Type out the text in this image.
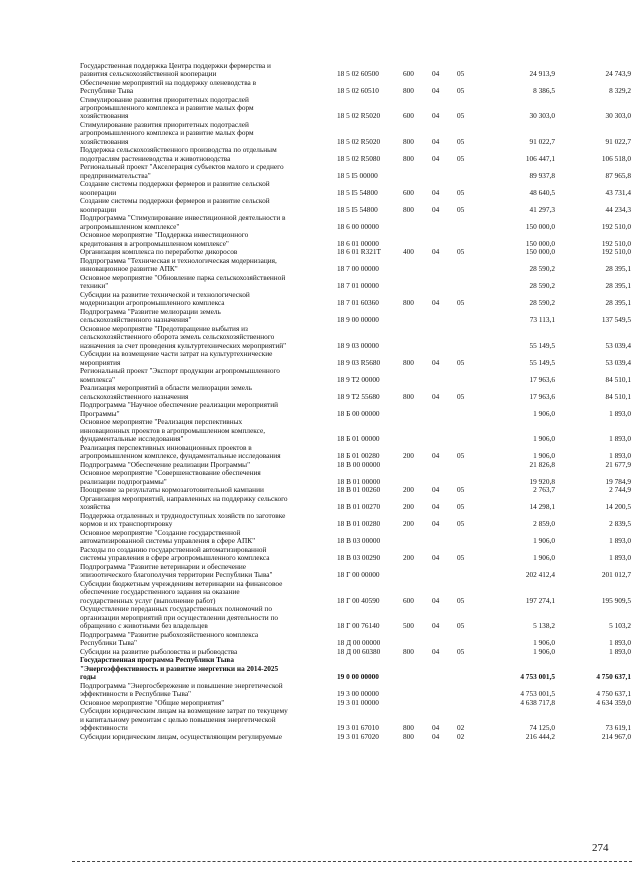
Государственная поддержка Центра поддержки фермерства и
развития сельскохозяйственной кооперации	18 5 02 60500	600	04	05	24 913,9	24 743,9
Обеспечение мероприятий на поддержку оленеводства в
Республике Тыва	18 5 02 60510	800	04	05	8 386,5	8 329,2
Стимулирование развития приоритетных подотраслей
агропромышленного комплекса и развитие малых форм
хозяйствования	18 5 02 R5020	600	04	05	30 303,0	30 303,0
Стимулирование развития приоритетных подотраслей
агропромышленного комплекса и развитие малых форм
хозяйствования	18 5 02 R5020	800	04	05	91 022,7	91 022,7
Поддержка сельскохозяйственного производства по отдельным
подотраслям растениеводства и животноводства	18 5 02 R5080	800	04	05	106 447,1	106 518,0
Региональный проект "Акселерация субъектов малого и среднего
предпринимательства"	18 5 I5 00000	89 937,8	87 965,8
Создание системы поддержки фермеров и развитие сельской
кооперации	18 5 I5 54800	600	04	05	48 640,5	43 731,4
Создание системы поддержки фермеров и развитие сельской
кооперации	18 5 I5 54800	800	04	05	41 297,3	44 234,3
Подпрограмма "Стимулирование инвестиционной деятельности в
агропромышленном комплексе"	18 6 00 00000	150 000,0	192 510,0
Основное мероприятие "Поддержка инвестиционного
кредитования в агропромышленном комплексе"	18 6 01 00000	150 000,0	192 510,0
Организация комплекса по переработке дикоросов	18 6 01 R321T	400	04	05	150 000,0	192 510,0
Подпрограмма "Техническая и технологическая модернизация,
инновационное развитие АПК"	18 7 00 00000	28 590,2	28 395,1
Основное мероприятие "Обновление парка сельскохозяйственной
техники"	18 7 01 00000	28 590,2	28 395,1
Субсидии на развитие технической и технологической
модернизации агропромышленного комплекса	18 7 01 60360	800	04	05	28 590,2	28 395,1
Подпрограмма "Развитие мелиорации земель
сельскохозяйственного назначения"	18 9 00 00000	73 113,1	137 549,5
Основное мероприятие "Предотвращение выбытия из
сельскохозяйственного оборота земель сельскохозяйственного
назначения за счет проведения культуртехнических мероприятий"	18 9 03 00000	55 149,5	53 039,4
Субсидии на возмещение части затрат на культуртехнические
мероприятия	18 9 03 R5680	800	04	05	55 149,5	53 039,4
Региональный проект "Экспорт продукции агропромышленного
комплекса"	18 9 T2 00000	17 963,6	84 510,1
Реализация мероприятий в области мелиорации земель
сельскохозяйственного назначения	18 9 T2 55680	800	04	05	17 963,6	84 510,1
Подпрограмма "Научное обеспечение реализации мероприятий
Программы"	18 Б 00 00000	1 906,0	1 893,0
Основное мероприятие "Реализация перспективных
инновационных проектов в агропромышленном комплексе,
фундаментальные исследования"	18 Б 01 00000	1 906,0	1 893,0
Реализация перспективных инновационных проектов в
агропромышленном комплексе, фундаментальные исследования	18 Б 01 00280	200	04	05	1 906,0	1 893,0
Подпрограмма "Обеспечение реализации Программы"	18 В 00 00000	21 826,8	21 677,9
Основное мероприятие "Совершенствование обеспечения
реализации подпрограммы"	18 В 01 00000	19 920,8	19 784,9
Поощрение за результаты кормозаготовительной кампании	18 В 01 00260	200	04	05	2 763,7	2 744,9
Организация мероприятий, направленных на поддержку сельского
хозяйства	18 В 01 00270	200	04	05	14 298,1	14 200,5
Поддержка отдаленных и труднодоступных хозяйств по заготовке
кормов и их транспортировку	18 В 01 00280	200	04	05	2 859,0	2 839,5
Основное мероприятие "Создание государственной
автоматизированной системы управления в сфере АПК"	18 В 03 00000	1 906,0	1 893,0
Расходы по созданию государственной автоматизированной
системы управления в сфере агропромышленного комплекса	18 В 03 00290	200	04	05	1 906,0	1 893,0
Подпрограмма "Развитие ветеринарии и обеспечение
эпизоотического благополучия территории Республики Тыва"	18 Г 00 00000	202 412,4	201 012,7
Субсидии бюджетным учреждениям ветеринарии на финансовое
обеспечение государственного задания на оказание
государственных услуг (выполнение работ)	18 Г 00 40590	600	04	05	197 274,1	195 909,5
Осуществление переданных государственных полномочий по
организации мероприятий при осуществлении деятельности по
обращению с животными без владельцев	18 Г 00 76140	500	04	05	5 138,2	5 103,2
Подпрограмма "Развитие рыбохозяйственного комплекса
Республики Тыва"	18 Д 00 00000	1 906,0	1 893,0
Субсидии на развитие рыболовства и рыбоводства	18 Д 00 60380	800	04	05	1 906,0	1 893,0
Государственная программа Республики Тыва
"Энергоэффективность и развитие энергетики на 2014-2025
годы	19 0 00 00000	4 753 001,5	4 750 637,1
Подпрограмма "Энергосбережение и повышение энергетической
эффективности в Республике Тыва"	19 3 00 00000	4 753 001,5	4 750 637,1
Основное мероприятие "Общие мероприятия"	19 3 01 00000	4 638 717,8	4 634 359,0
Субсидии юридическим лицам на возмещение затрат по текущему
и капитальному ремонтам с целью повышения энергетической
эффективности	19 3 01 67010	800	04	02	74 125,0	73 619,1
Субсидии юридическим лицам, осуществляющим регулируемые	19 3 01 67020	800	04	02	216 444,2	214 967,0
274
